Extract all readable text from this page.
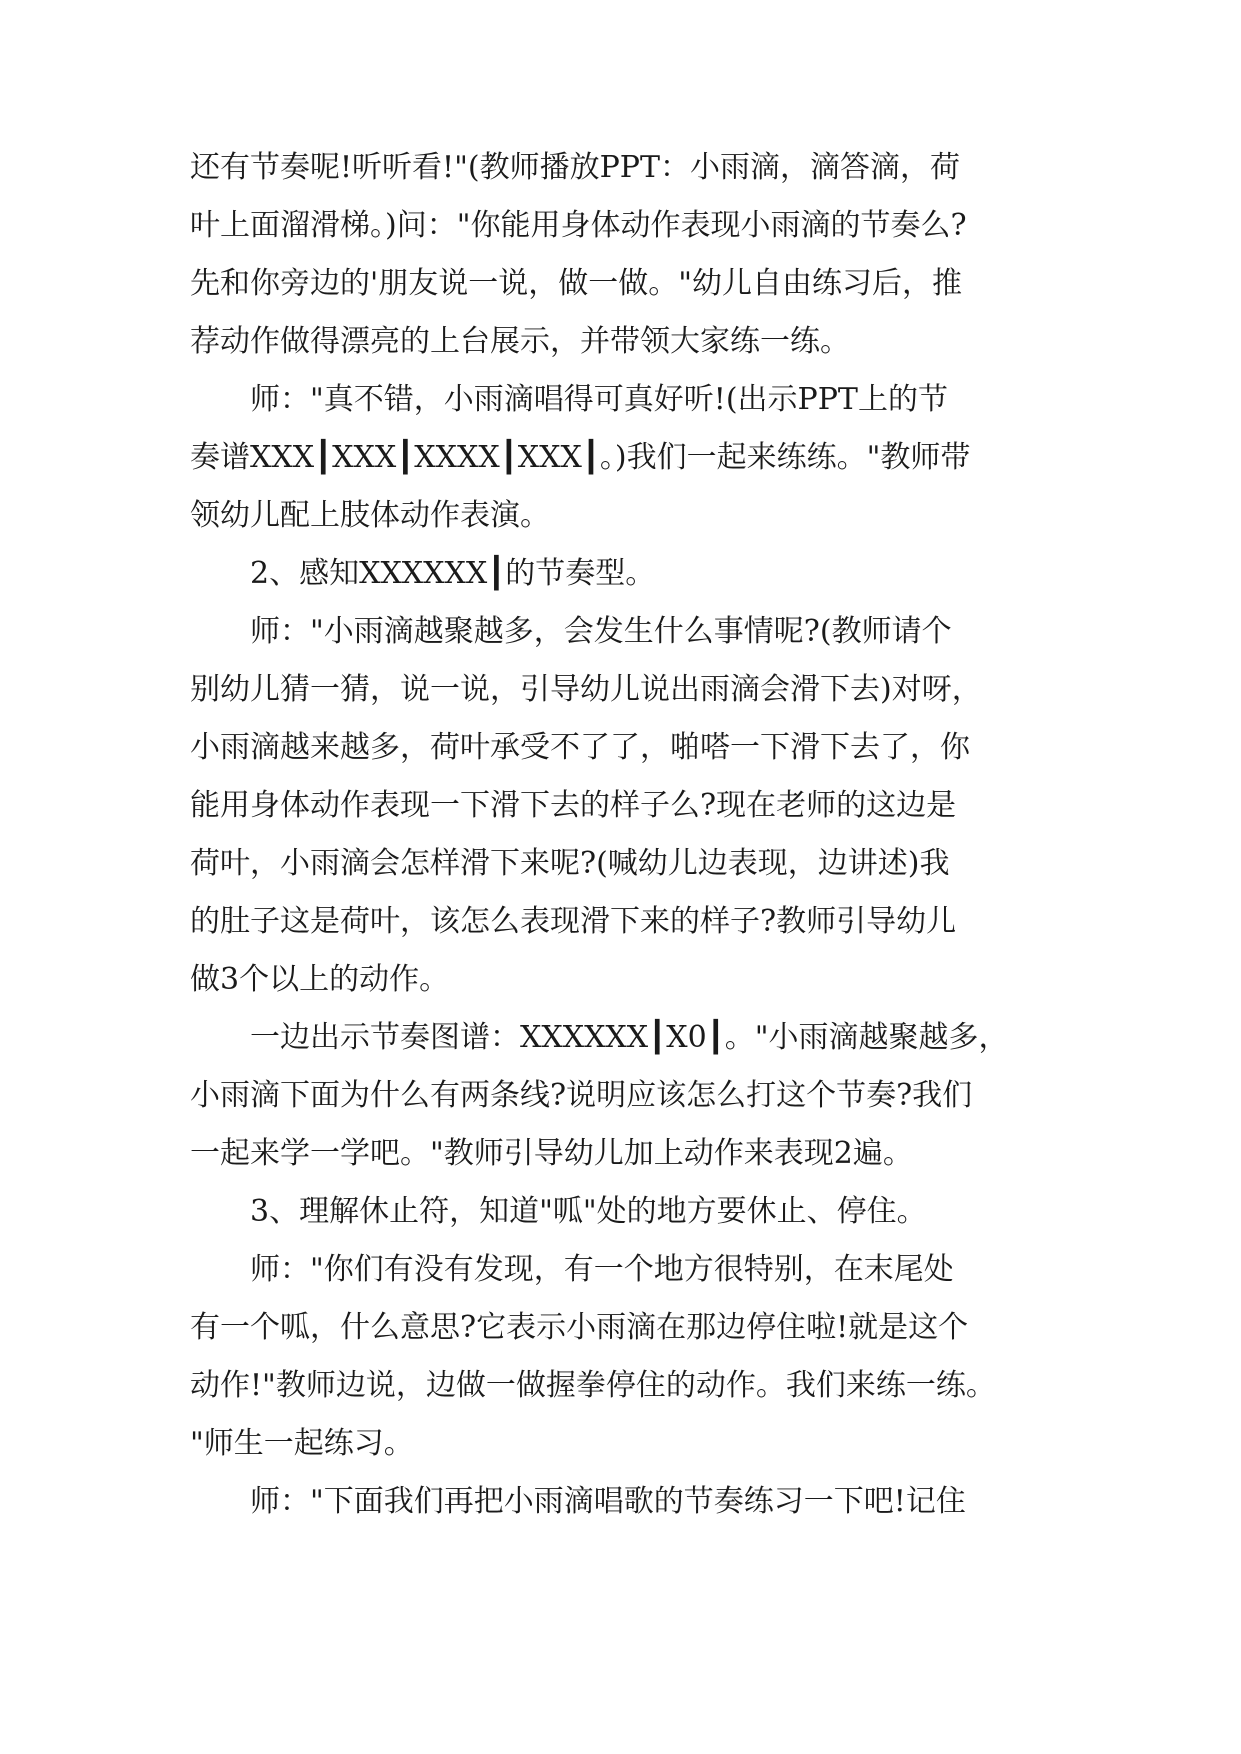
还有节奏呢!听听看!"(教师播放PPT：小雨滴，滴答滴，荷
叶上面溜滑梯。)问："你能用身体动作表现小雨滴的节奏么?
先和你旁边的'朋友说一说，做一做。"幼儿自由练习后，推
荐动作做得漂亮的上台展示，并带领大家练一练。
师："真不错，小雨滴唱得可真好听!(出示PPT上的节
奏谱XXX┃XXX┃XXXX┃XXX┃。)我们一起来练练。"教师带
领幼儿配上肢体动作表演。
2、感知XXXXXX┃的节奏型。
师："小雨滴越聚越多，会发生什么事情呢?(教师请个
别幼儿猜一猜，说一说，引导幼儿说出雨滴会滑下去)对呀，
小雨滴越来越多，荷叶承受不了了，啪嗒一下滑下去了，你
能用身体动作表现一下滑下去的样子么?现在老师的这边是
荷叶，小雨滴会怎样滑下来呢?(喊幼儿边表现，边讲述)我
的肚子这是荷叶，该怎么表现滑下来的样子?教师引导幼儿
做3个以上的动作。
一边出示节奏图谱：XXXXXX┃X0┃。"小雨滴越聚越多，
小雨滴下面为什么有两条线?说明应该怎么打这个节奏?我们
一起来学一学吧。"教师引导幼儿加上动作来表现2遍。
3、理解休止符，知道"呱"处的地方要休止、停住。
师："你们有没有发现，有一个地方很特别，在末尾处
有一个呱，什么意思?它表示小雨滴在那边停住啦!就是这个
动作!"教师边说，边做一做握拳停住的动作。我们来练一练。
"师生一起练习。
师："下面我们再把小雨滴唱歌的节奏练习一下吧!记住
